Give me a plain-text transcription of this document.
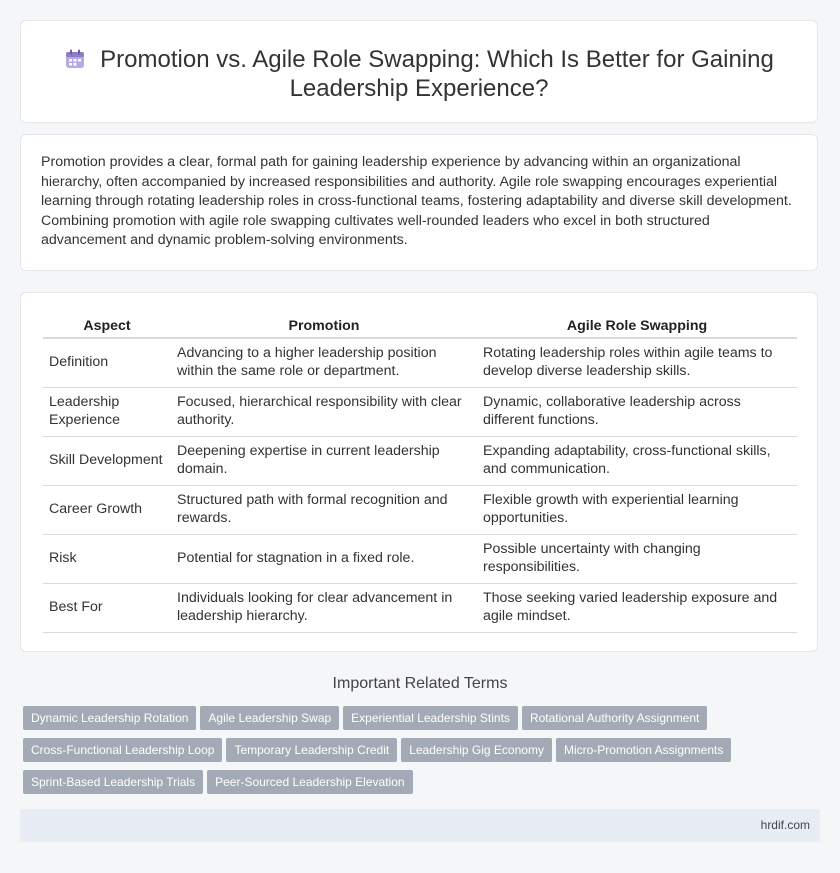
Promotion vs. Agile Role Swapping: Which Is Better for Gaining Leadership Experience?

Promotion provides a clear, formal path for gaining leadership experience by advancing within an organizational hierarchy, often accompanied by increased responsibilities and authority. Agile role swapping encourages experiential learning through rotating leadership roles in cross-functional teams, fostering adaptability and diverse skill development. Combining promotion with agile role swapping cultivates well-rounded leaders who excel in both structured advancement and dynamic problem-solving environments.

Aspect	Promotion	Agile Role Swapping
Definition	Advancing to a higher leadership position within the same role or department.	Rotating leadership roles within agile teams to develop diverse leadership skills.
Leadership Experience	Focused, hierarchical responsibility with clear authority.	Dynamic, collaborative leadership across different functions.
Skill Development	Deepening expertise in current leadership domain.	Expanding adaptability, cross-functional skills, and communication.
Career Growth	Structured path with formal recognition and rewards.	Flexible growth with experiential learning opportunities.
Risk	Potential for stagnation in a fixed role.	Possible uncertainty with changing responsibilities.
Best For	Individuals looking for clear advancement in leadership hierarchy.	Those seeking varied leadership exposure and agile mindset.
Important Related Terms
Dynamic Leadership Rotation Agile Leadership Swap Experiential Leadership Stints Rotational Authority Assignment
Cross-Functional Leadership Loop Temporary Leadership Credit Leadership Gig Economy Micro-Promotion Assignments
Sprint-Based Leadership Trials Peer-Sourced Leadership Elevation
hrdif.com
